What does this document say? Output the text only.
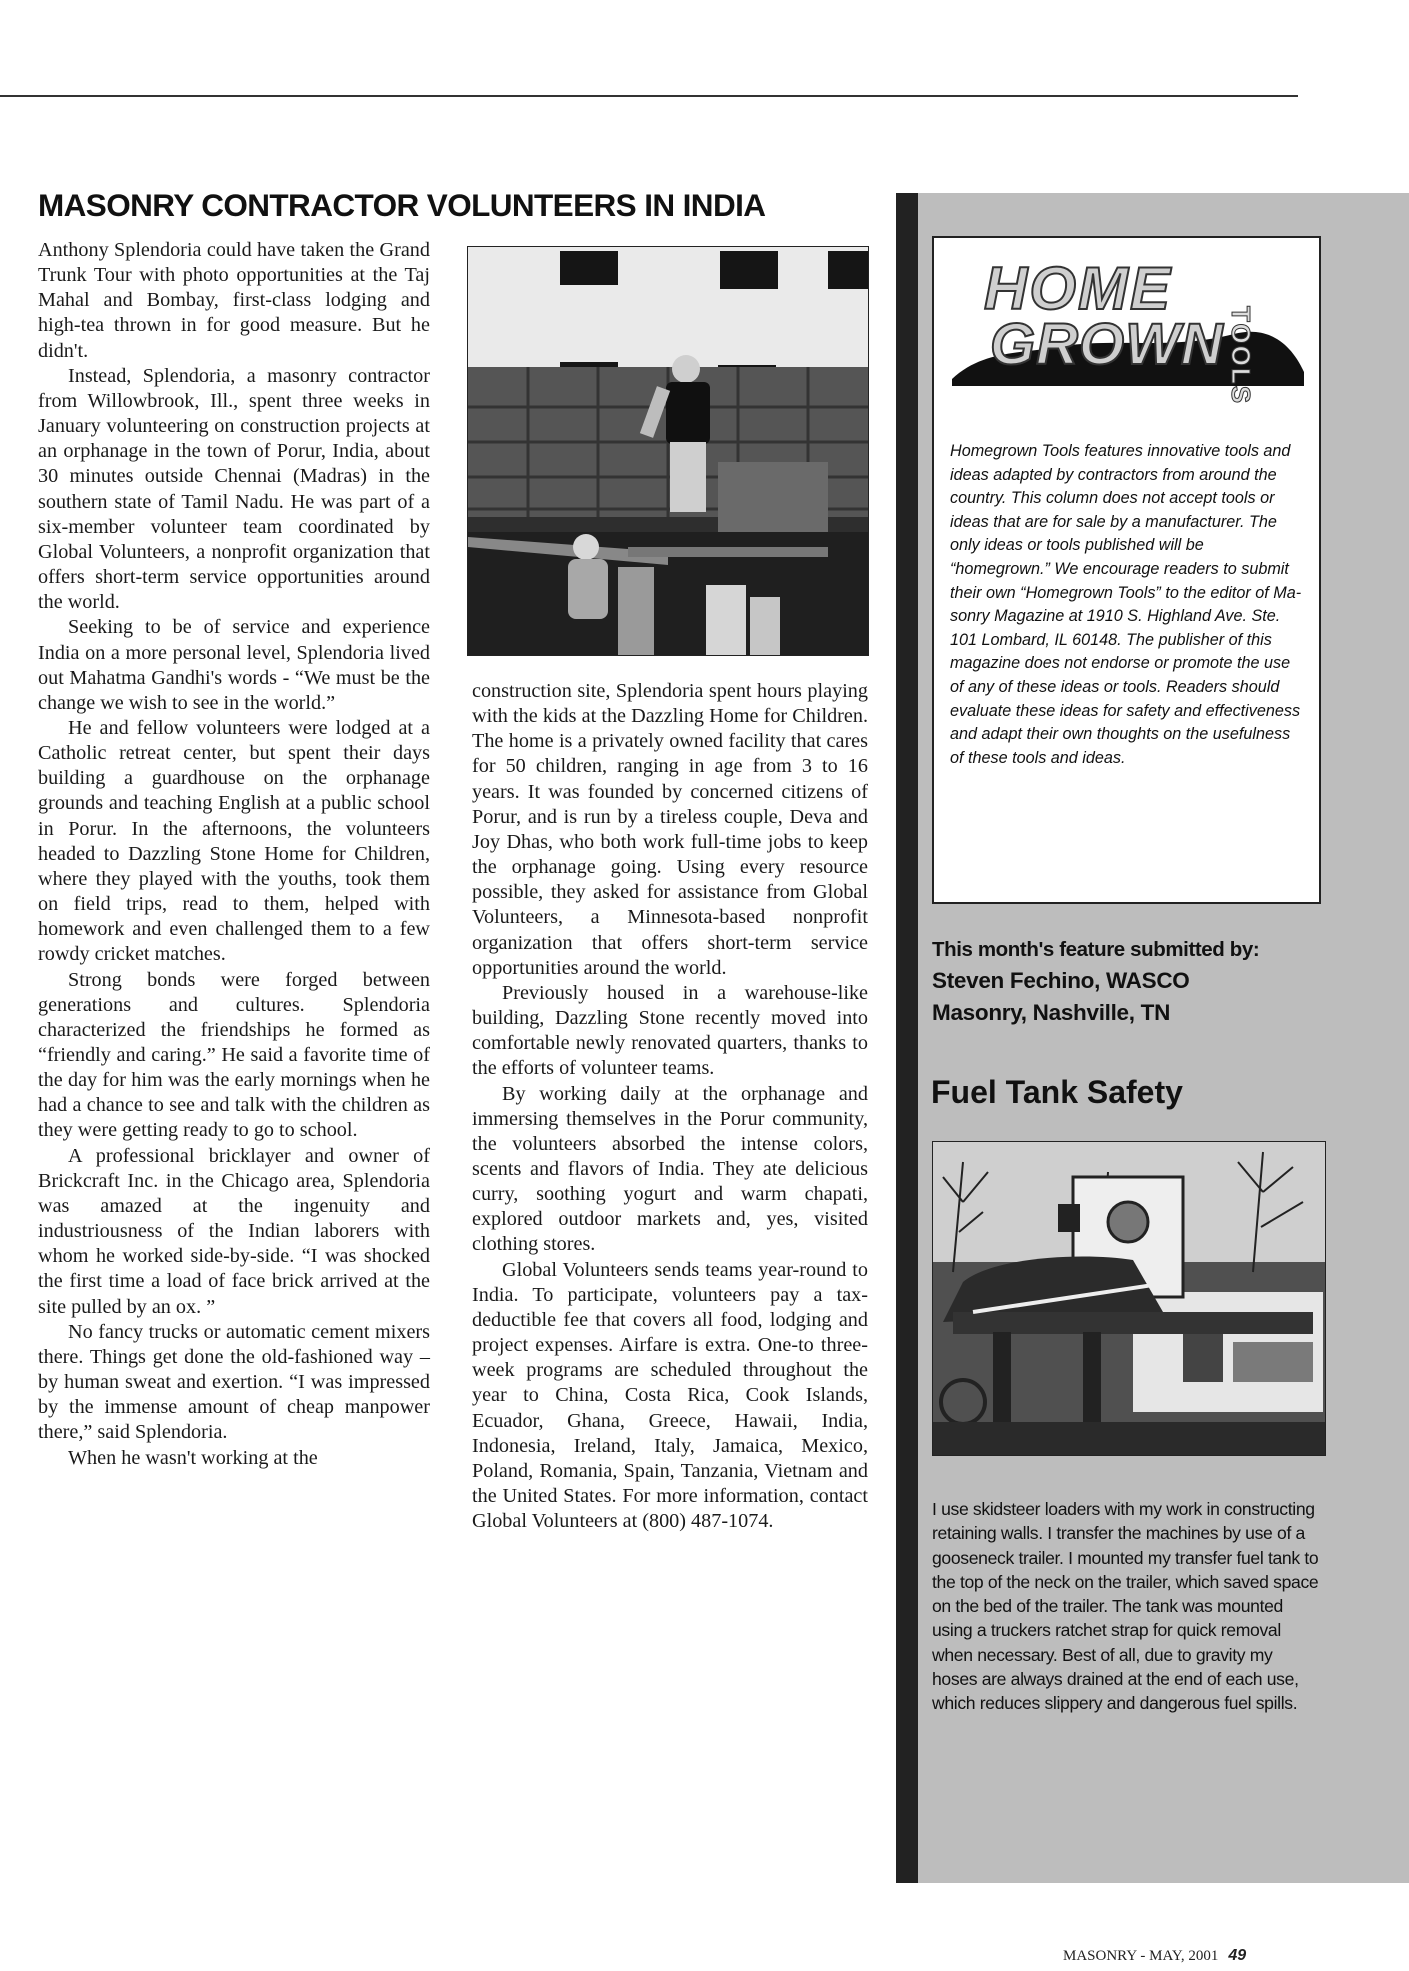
MASONRY CONTRACTOR VOLUNTEERS IN INDIA

Anthony Splendoria could have taken the Grand Trunk Tour with photo opportunities at the Taj Mahal and Bombay, first-class lodging and high-tea thrown in for good measure. But he didn't.

Instead, Splendoria, a masonry contractor from Willowbrook, Ill., spent three weeks in January volunteering on construction projects at an orphanage in the town of Porur, India, about 30 minutes outside Chennai (Madras) in the southern state of Tamil Nadu. He was part of a six-member volunteer team coordinated by Global Volunteers, a nonprofit organization that offers short-term service opportunities around the world.

Seeking to be of service and experience India on a more personal level, Splendoria lived out Mahatma Gandhi's words - “We must be the change we wish to see in the world.”

He and fellow volunteers were lodged at a Catholic retreat center, but spent their days building a guardhouse on the orphanage grounds and teaching English at a public school in Porur. In the afternoons, the volunteers headed to Dazzling Stone Home for Children, where they played with the youths, took them on field trips, read to them, helped with homework and even challenged them to a few rowdy cricket matches.

Strong bonds were forged between generations and cultures. Splendoria characterized the friendships he formed as “friendly and caring.” He said a favorite time of the day for him was the early mornings when he had a chance to see and talk with the children as they were getting ready to go to school.

A professional bricklayer and owner of Brickcraft Inc. in the Chicago area, Splendoria was amazed at the ingenuity and industriousness of the Indian laborers with whom he worked side-by-side. “I was shocked the first time a load of face brick arrived at the site pulled by an ox. ”

No fancy trucks or automatic cement mixers there. Things get done the old-fashioned way – by human sweat and exertion. “I was impressed by the immense amount of cheap manpower there,” said Splendoria.

When he wasn't working at the

construction site, Splendoria spent hours playing with the kids at the Dazzling Home for Children. The home is a privately owned facility that cares for 50 children, ranging in age from 3 to 16 years. It was founded by concerned citizens of Porur, and is run by a tireless couple, Deva and Joy Dhas, who both work full-time jobs to keep the orphanage going. Using every resource possible, they asked for assistance from Global Volunteers, a Minnesota-based nonprofit organization that offers short-term service opportunities around the world.

Previously housed in a warehouse-like building, Dazzling Stone recently moved into comfortable newly renovated quarters, thanks to the efforts of volunteer teams.

By working daily at the orphanage and immersing themselves in the Porur community, the volunteers absorbed the intense colors, scents and flavors of India. They ate delicious curry, soothing yogurt and warm chapati, explored outdoor markets and, yes, visited clothing stores.

Global Volunteers sends teams year-round to India. To participate, volunteers pay a tax-deductible fee that covers all food, lodging and project expenses. Airfare is extra. One-to three-week programs are scheduled throughout the year to China, Costa Rica, Cook Islands, Ecuador, Ghana, Greece, Hawaii, India, Indonesia, Ireland, Italy, Jamaica, Mexico, Poland, Romania, Spain, Tanzania, Vietnam and the United States. For more information, contact Global Volunteers at (800) 487-1074.

HOME
GROWN TOOLS
Homegrown Tools features innovative tools and ideas adapted by contractors from around the country. This column does not accept tools or ideas that are for sale by a manufacturer. The only ideas or tools published will be “homegrown.” We encourage readers to submit their own “Homegrown Tools” to the editor of Masonry Magazine at 1910 S. Highland Ave. Ste. 101 Lombard, IL 60148. The publisher of this magazine does not endorse or promote the use of any of these ideas or tools. Readers should evaluate these ideas for safety and effectiveness and adapt their own thoughts on the usefulness of these tools and ideas.
This month's feature submitted by:
Steven Fechino, WASCO
Masonry, Nashville, TN
Fuel Tank Safety
I use skidsteer loaders with my work in constructing retaining walls. I transfer the machines by use of a gooseneck trailer. I mounted my transfer fuel tank to the top of the neck on the trailer, which saved space on the bed of the trailer. The tank was mounted using a truckers ratchet strap for quick removal when necessary. Best of all, due to gravity my hoses are always drained at the end of each use, which reduces slippery and dangerous fuel spills.
MASONRY - MAY, 2001 49
